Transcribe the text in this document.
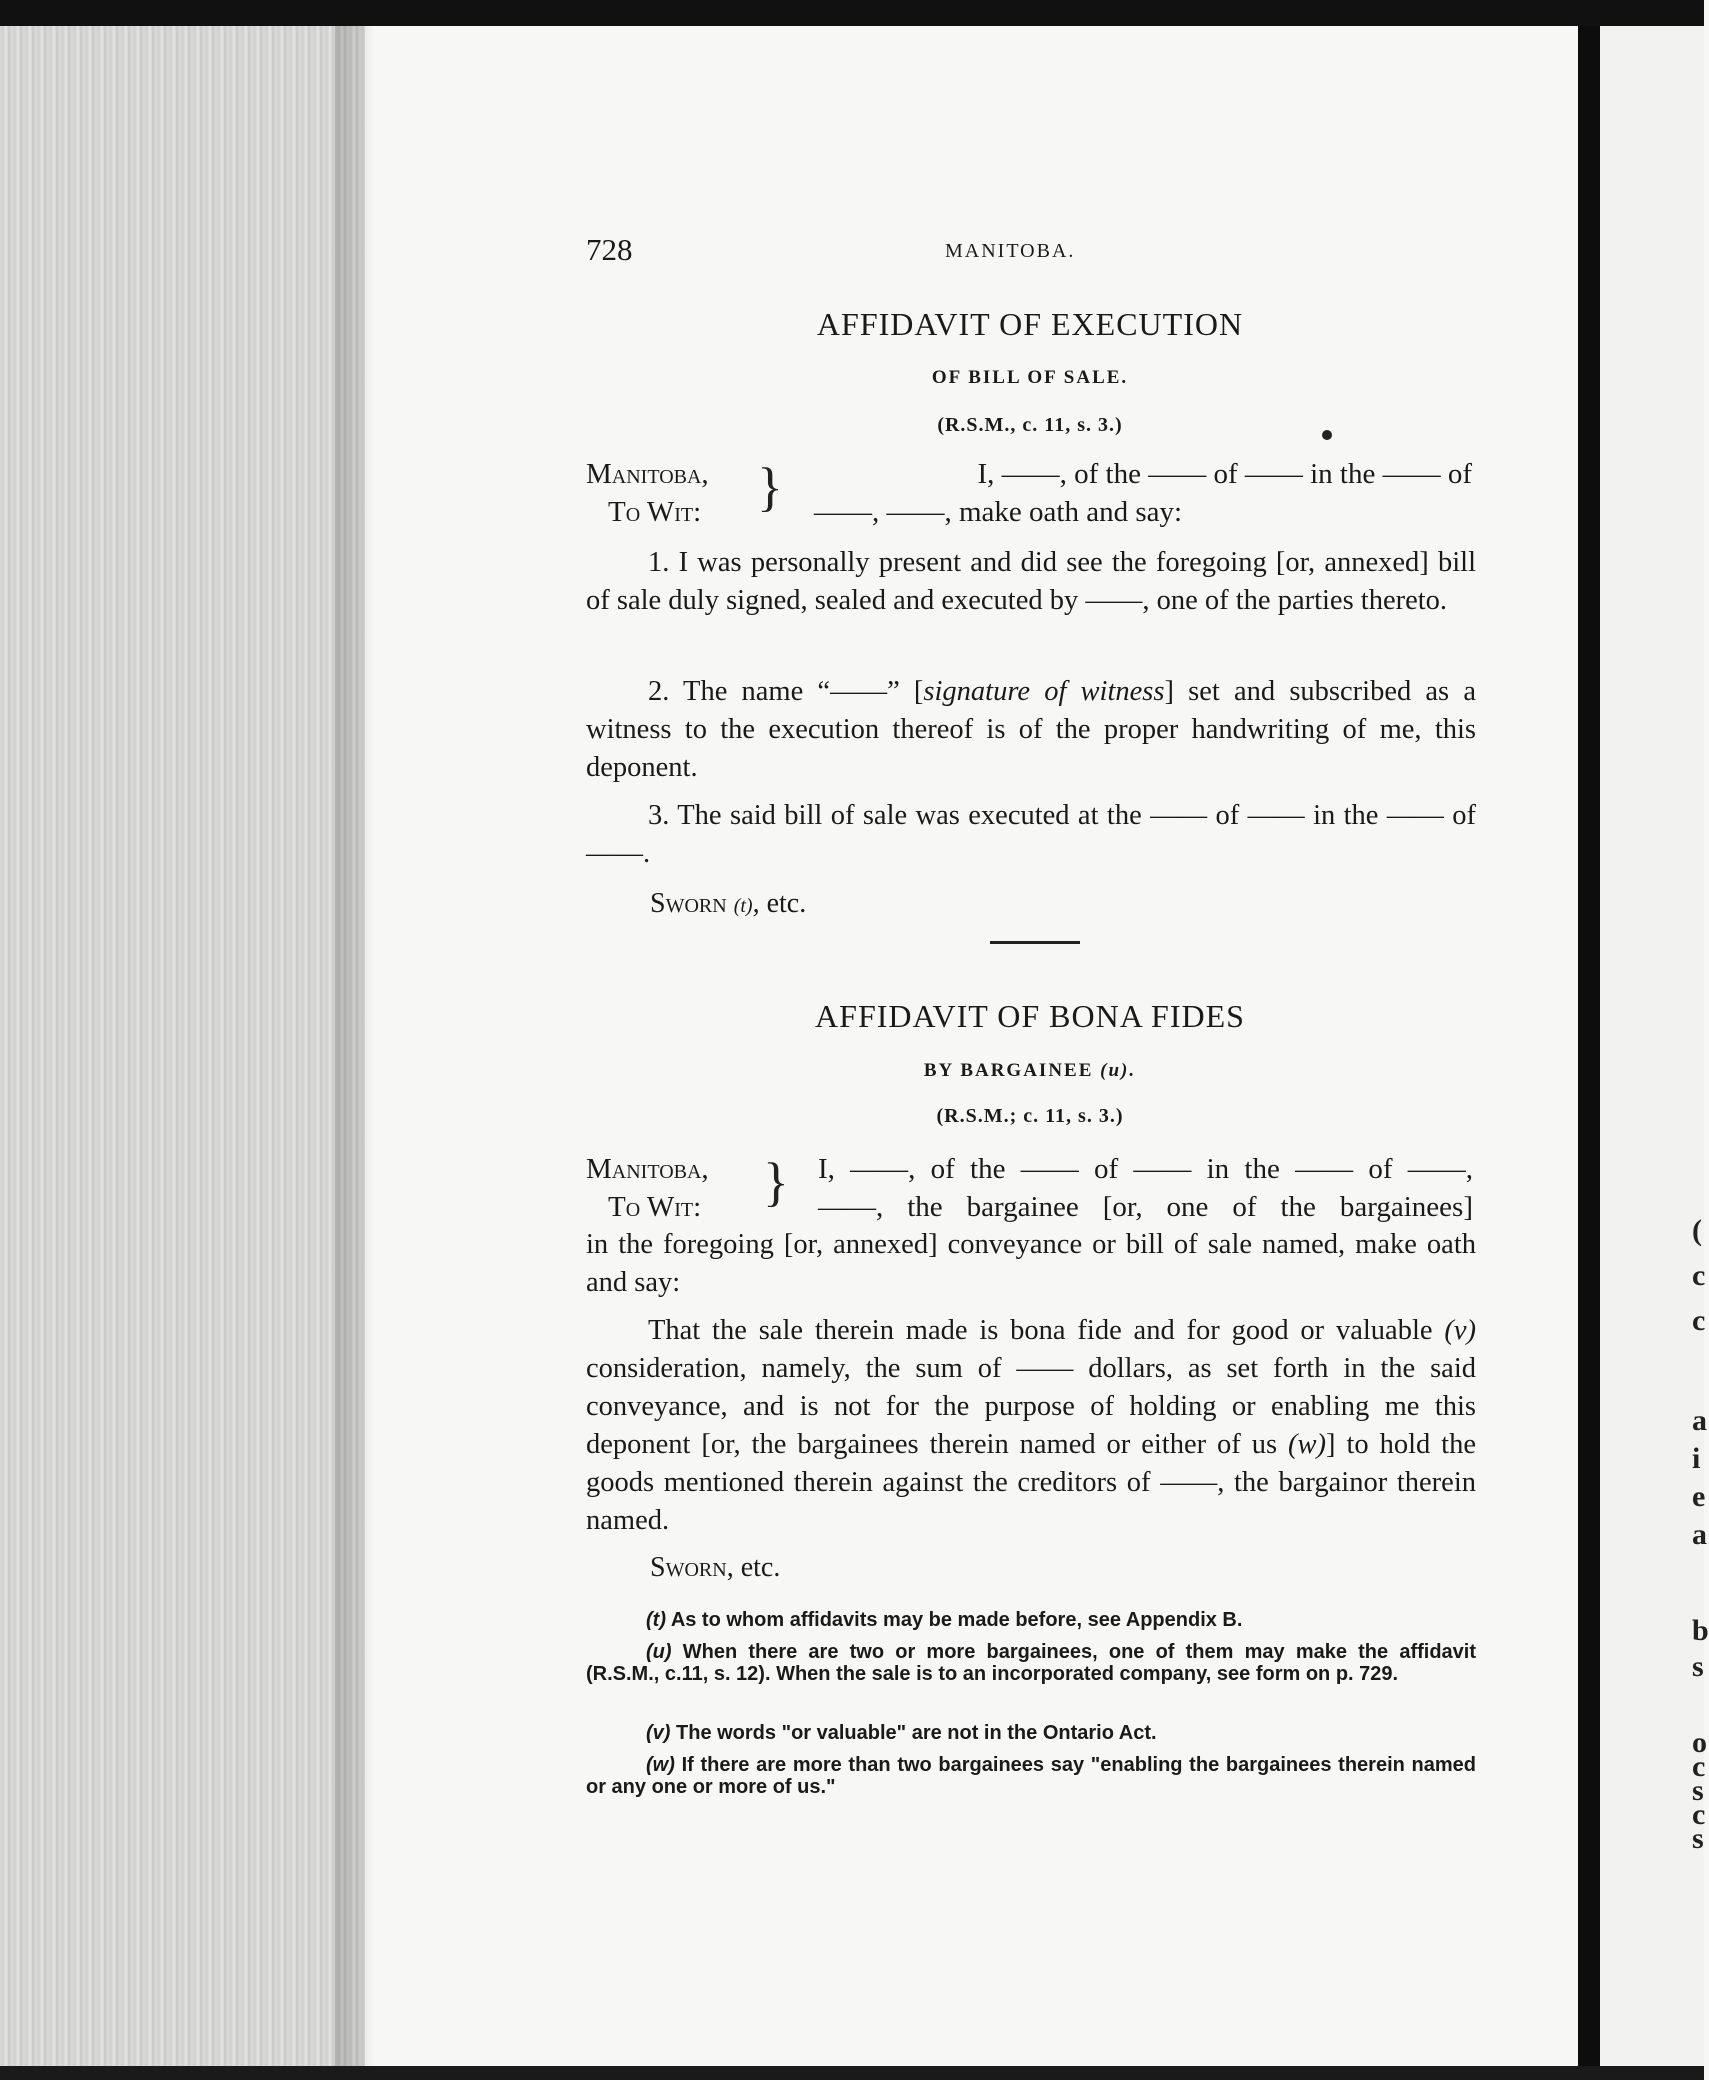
(
c
c
a
i
e
a
b
s
o
c
s
c
s
728	MANITOBA.
AFFIDAVIT OF EXECUTION
OF BILL OF SALE.
(R.S.M., c. 11, s. 3.)
Manitoba,
To Wit:	}	I, ——, of the —— of —— in the —— of
——, ——, make oath and say:
1. I was personally present and did see the foregoing [or, annexed] bill of sale duly signed, sealed and executed by ——, one of the parties thereto.
2. The name “——” [signature of witness] set and subscribed as a witness to the execution thereof is of the proper handwriting of me, this deponent.
3. The said bill of sale was executed at the —— of —— in the —— of ——.
Sworn (t), etc.
AFFIDAVIT OF BONA FIDES
BY BARGAINEE (u).
(R.S.M.; c. 11, s. 3.)
Manitoba,
To Wit:	} I, ——, of the —— of —— in the —— of ——,
——, the bargainee [or, one of the bargainees]
in the foregoing [or, annexed] conveyance or bill of sale named, make oath and say:
That the sale therein made is bona fide and for good or valuable (v) consideration, namely, the sum of —— dollars, as set forth in the said conveyance, and is not for the purpose of holding or enabling me this deponent [or, the bargainees therein named or either of us (w)] to hold the goods mentioned therein against the creditors of ——, the bargainor therein named.
Sworn, etc.
(t) As to whom affidavits may be made before, see Appendix B.
(u) When there are two or more bargainees, one of them may make the affidavit (R.S.M., c.11, s. 12). When the sale is to an incorporated company, see form on p. 729.
(v) The words "or valuable" are not in the Ontario Act.
(w) If there are more than two bargainees say "enabling the bargainees therein named or any one or more of us."
